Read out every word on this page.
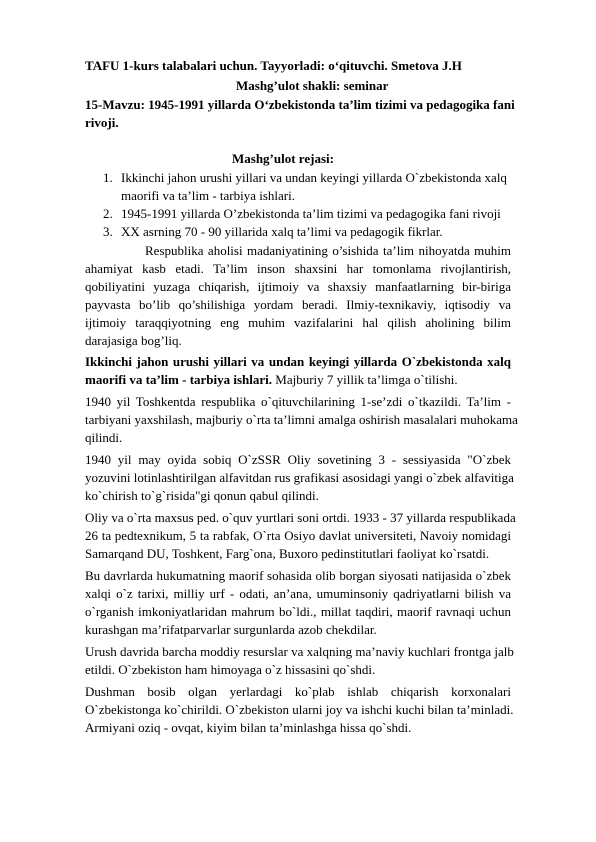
TAFU 1-kurs talabalari uchun. Tayyorladi: o‘qituvchi. Smetova J.H
Mashg’ulot shakli: seminar
15-Mavzu: 1945-1991 yillarda O‘zbekistonda ta’lim tizimi va pedagogika fani
rivoji.
Mashg’ulot rejasi:
1. Ikkinchi jahon urushi yillari va undan keyingi yillarda O`zbekistonda xalq
maorifi va ta’lim - tarbiya ishlari.
2. 1945-1991 yillarda O’zbekistonda ta’lim tizimi va pedagogika fani rivoji
3. XX asrning 70 - 90 yillarida xalq ta’limi va pedagogik fikrlar.
Respublika aholisi madaniyatining o’sishida ta’lim nihoyatda muhim
ahamiyat kasb etadi. Ta’lim inson shaxsini har tomonlama rivojlantirish,
qobiliyatini yuzaga chiqarish, ijtimoiy va shaxsiy manfaatlarning bir-biriga
payvasta bo’lib qo’shilishiga yordam beradi. Ilmiy-texnikaviy, iqtisodiy va
ijtimoiy taraqqiyotning eng muhim vazifalarini hal qilish aholining bilim
darajasiga bog’liq.
Ikkinchi jahon urushi yillari va undan keyingi yillarda O`zbekistonda xalq
maorifi va ta’lim - tarbiya ishlari. Majburiy 7 yillik ta’limga o`tilishi.
1940 yil Toshkentda respublika o`qituvchilarining 1-se’zdi o`tkazildi. Ta’lim -
tarbiyani yaxshilash, majburiy o`rta ta’limni amalga oshirish masalalari muhokama
qilindi.
1940 yil may oyida sobiq O`zSSR Oliy sovetining 3 - sessiyasida "O`zbek
yozuvini lotinlashtirilgan alfavitdan rus grafikasi asosidagi yangi o`zbek alfavitiga
ko`chirish to`g`risida"gi qonun qabul qilindi.
Oliy va o`rta maxsus ped. o`quv yurtlari soni ortdi. 1933 - 37 yillarda respublikada
26 ta pedtexnikum, 5 ta rabfak, O`rta Osiyo davlat universiteti, Navoiy nomidagi
Samarqand DU, Toshkent, Farg`ona, Buxoro pedinstitutlari faoliyat ko`rsatdi.
Bu davrlarda hukumatning maorif sohasida olib borgan siyosati natijasida o`zbek
xalqi o`z tarixi, milliy urf - odati, an’ana, umuminsoniy qadriyatlarni bilish va
o`rganish imkoniyatlaridan mahrum bo`ldi., millat taqdiri, maorif ravnaqi uchun
kurashgan ma’rifatparvarlar surgunlarda azob chekdilar.
Urush davrida barcha moddiy resurslar va xalqning ma’naviy kuchlari frontga jalb
etildi. O`zbekiston ham himoyaga o`z hissasini qo`shdi.
Dushman bosib olgan yerlardagi ko`plab ishlab chiqarish korxonalari
O`zbekistonga ko`chirildi. O`zbekiston ularni joy va ishchi kuchi bilan ta’minladi.
Armiyani oziq - ovqat, kiyim bilan ta’minlashga hissa qo`shdi.
